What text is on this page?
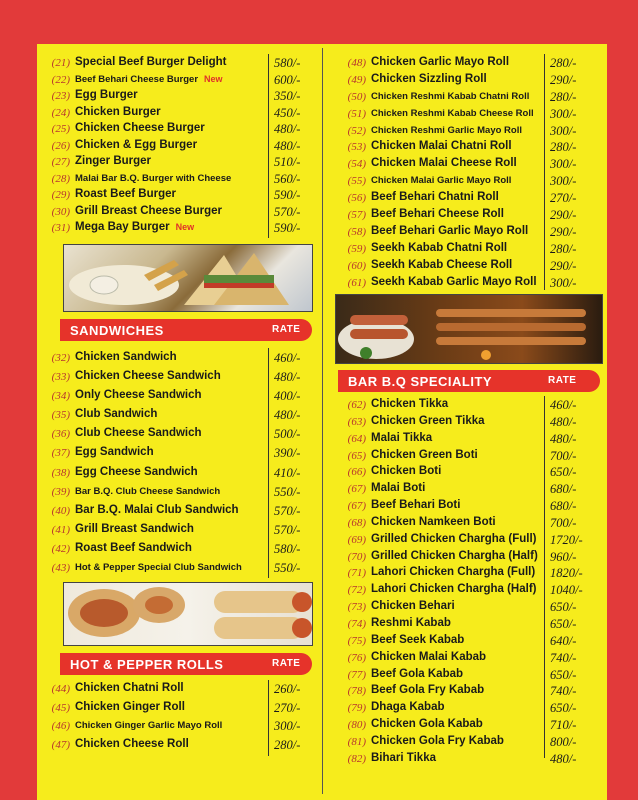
(21) Special Beef Burger Delight	580/-
(22) Beef Behari Cheese Burger New	600/-
(23) Egg Burger	350/-
(24) Chicken Burger	450/-
(25) Chicken Cheese Burger	480/-
(26) Chicken & Egg Burger	480/-
(27) Zinger Burger	510/-
(28) Malai Bar B.Q. Burger with Cheese	560/-
(29) Roast Beef Burger	590/-
(30) Grill Breast Cheese Burger	570/-
(31) Mega Bay Burger New	590/-
SANDWICHES	RATE
(32) Chicken Sandwich	460/-
(33) Chicken Cheese Sandwich	480/-
(34) Only Cheese Sandwich	400/-
(35) Club Sandwich	480/-
(36) Club Cheese Sandwich	500/-
(37) Egg Sandwich	390/-
(38) Egg Cheese Sandwich	410/-
(39) Bar B.Q. Club Cheese Sandwich	550/-
(40) Bar B.Q. Malai Club Sandwich	570/-
(41) Grill Breast Sandwich	570/-
(42) Roast Beef Sandwich	580/-
(43) Hot & Pepper Special Club Sandwich	550/-
HOT & PEPPER ROLLS	RATE
(44) Chicken Chatni Roll	260/-
(45) Chicken Ginger Roll	270/-
(46) Chicken Ginger Garlic Mayo Roll	300/-
(47) Chicken Cheese Roll	280/-
(48) Chicken Garlic Mayo Roll	280/-
(49) Chicken Sizzling Roll	290/-
(50) Chicken Reshmi Kabab Chatni Roll 280/-
(51) Chicken Reshmi Kabab Cheese Roll 300/-
(52) Chicken Reshmi Garlic Mayo Roll 300/-
(53) Chicken Malai Chatni Roll	280/-
(54) Chicken Malai Cheese Roll	300/-
(55) Chicken Malai Garlic Mayo Roll	300/-
(56) Beef Behari Chatni Roll	270/-
(57) Beef Behari Cheese Roll	290/-
(58) Beef Behari Garlic Mayo Roll 290/-
(59) Seekh Kabab Chatni Roll	280/-
(60) Seekh Kabab Cheese Roll	290/-
(61) Seekh Kabab Garlic Mayo Roll 300/-
BAR B.Q SPECIALITY	RATE
(62) Chicken Tikka	460/-
(63) Chicken Green Tikka	480/-
(64) Malai Tikka	480/-
(65) Chicken Green Boti	700/-
(66) Chicken Boti	650/-
(67) Malai Boti	680/-
(67) Beef Behari Boti	680/-
(68) Chicken Namkeen Boti	700/-
(69) Grilled Chicken Chargha (Full) 1720/-
(70) Grilled Chicken Chargha (Half) 960/-
(71) Lahori Chicken Chargha (Full) 1820/-
(72) Lahori Chicken Chargha (Half) 1040/-
(73) Chicken Behari	650/-
(74) Reshmi Kabab	650/-
(75) Beef Seek Kabab	640/-
(76) Chicken Malai Kabab	740/-
(77) Beef Gola Kabab	650/-
(78) Beef Gola Fry Kabab	740/-
(79) Dhaga Kabab	650/-
(80) Chicken Gola Kabab	710/-
(81) Chicken Gola Fry Kabab	800/-
(82) Bihari Tikka	480/-
